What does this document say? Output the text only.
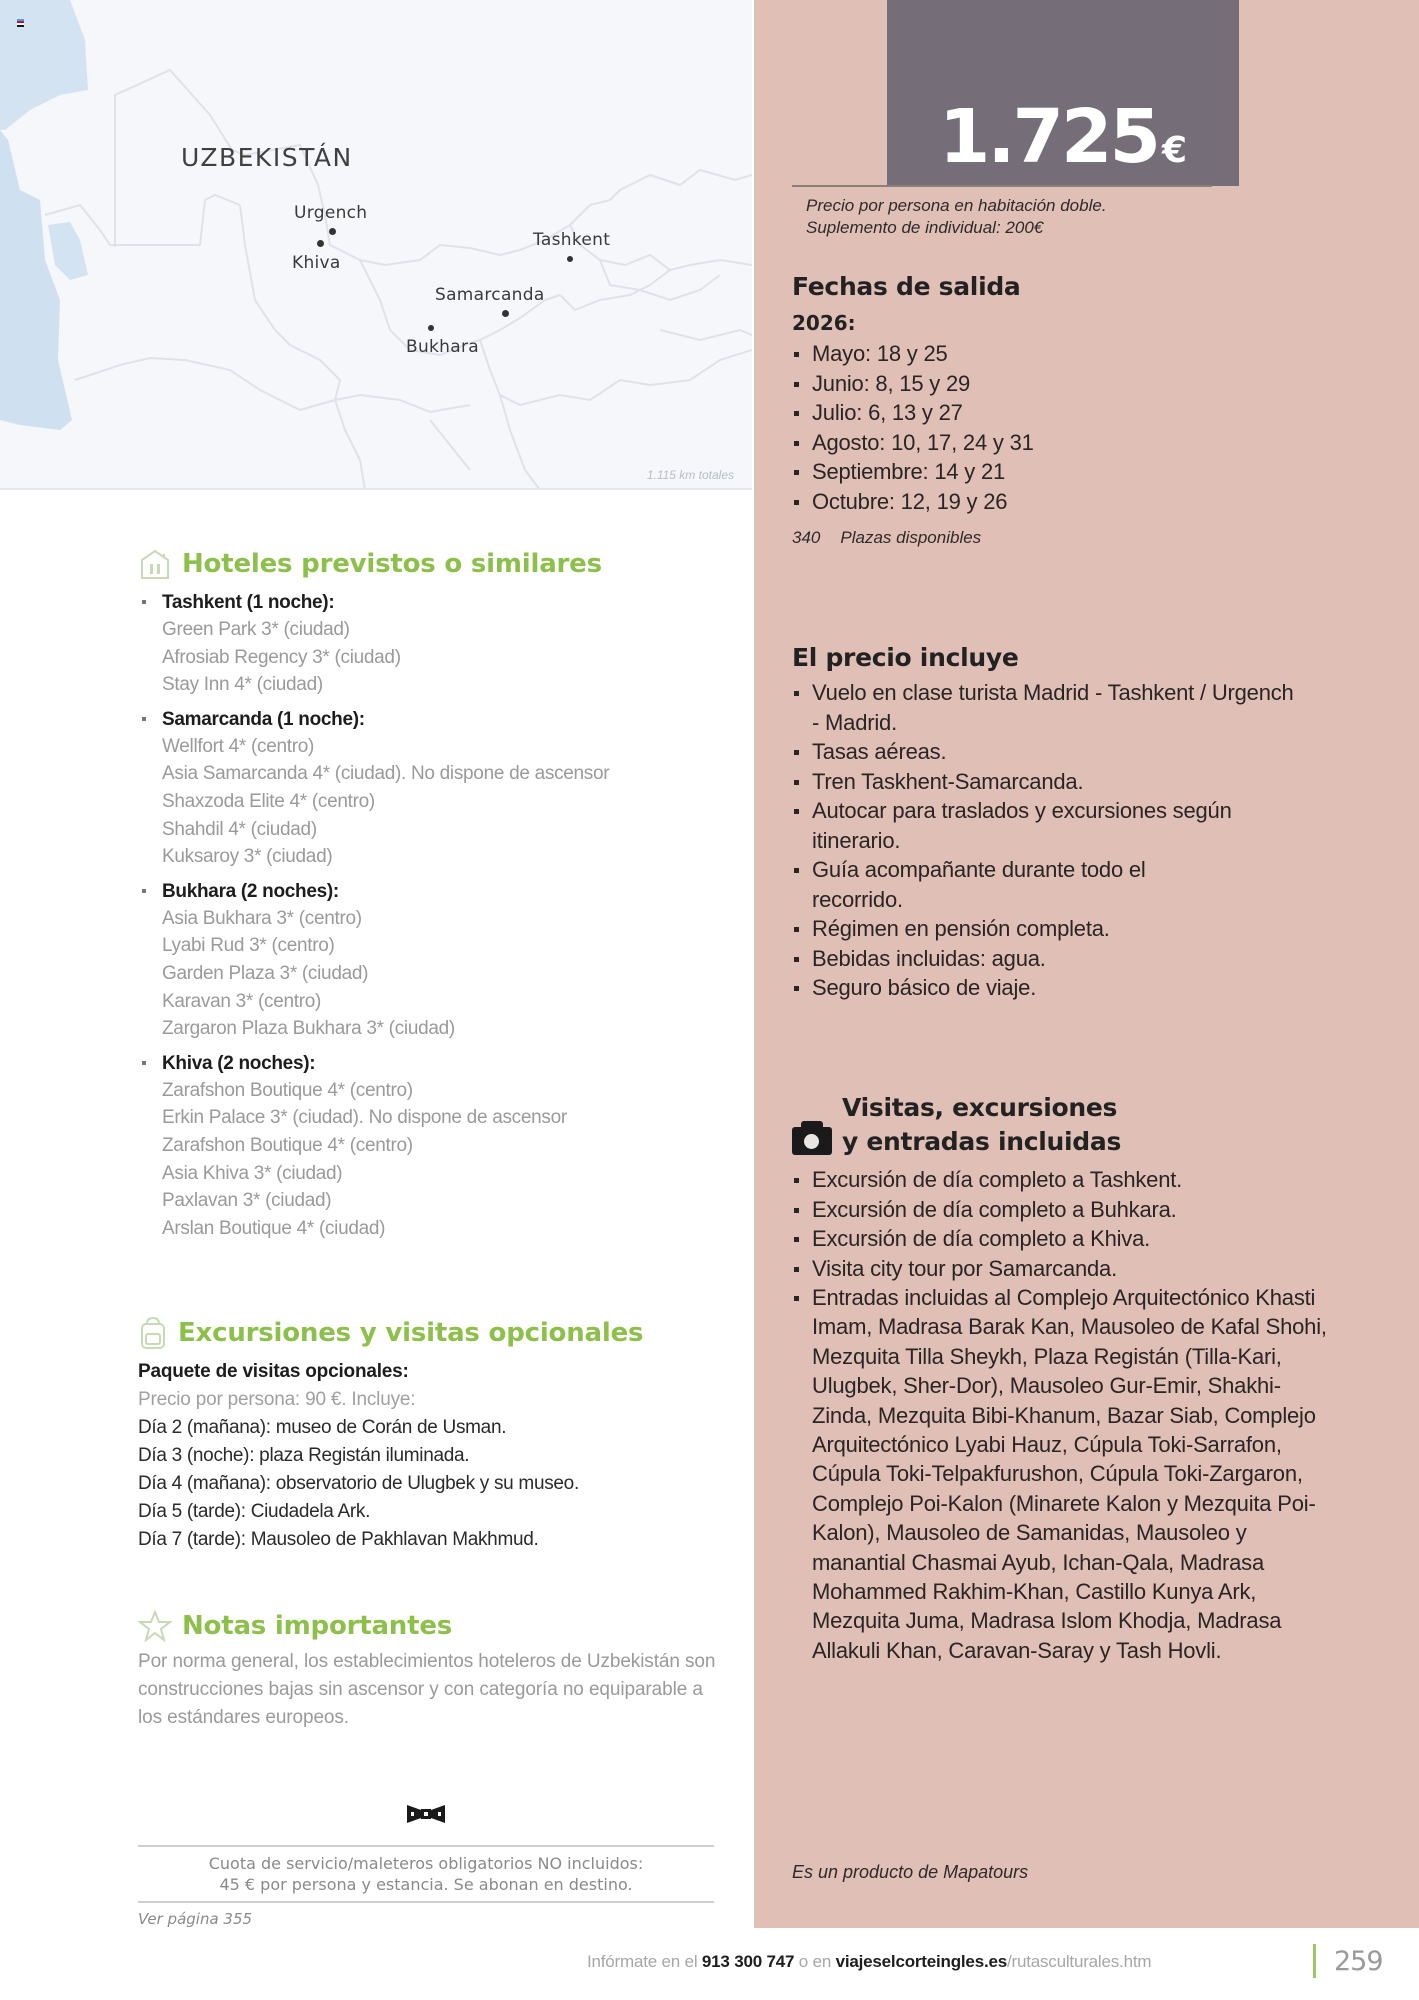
UZBEKISTÁN
Urgench
Khiva
Tashkent
Samarcanda
Bukhara
1.115 km totales
1.725 €
Precio por persona en habitación doble.
Suplemento de individual: 200€
Fechas de salida
2026:
Mayo: 18 y 25
Junio: 8, 15 y 29
Julio: 6, 13 y 27
Agosto: 10, 17, 24 y 31
Septiembre: 14 y 21
Octubre: 12, 19 y 26
340 Plazas disponibles
El precio incluye
Vuelo en clase turista Madrid - Tashkent / Urgench - Madrid.
Tasas aéreas.
Tren Taskhent-Samarcanda.
Autocar para traslados y excursiones según itinerario.
Guía acompañante durante todo el recorrido.
Régimen en pensión completa.
Bebidas incluidas: agua.
Seguro básico de viaje.
Visitas, excursiones
y entradas incluidas
Excursión de día completo a Tashkent.
Excursión de día completo a Buhkara.
Excursión de día completo a Khiva.
Visita city tour por Samarcanda.
Entradas incluidas al Complejo Arquitectónico Khasti Imam, Madrasa Barak Kan, Mausoleo de Kafal Shohi, Mezquita Tilla Sheykh, Plaza Registán (Tilla-Kari, Ulugbek, Sher-Dor), Mausoleo Gur-Emir, Shakhi-Zinda, Mezquita Bibi-Khanum, Bazar Siab, Complejo Arquitectónico Lyabi Hauz, Cúpula Toki-Sarrafon, Cúpula Toki-Telpakfurushon, Cúpula Toki-Zargaron, Complejo Poi-Kalon (Minarete Kalon y Mezquita Poi-Kalon), Mausoleo de Samanidas, Mausoleo y manantial Chasmai Ayub, Ichan-Qala, Madrasa Mohammed Rakhim-Khan, Castillo Kunya Ark, Mezquita Juma, Madrasa Islom Khodja, Madrasa Allakuli Khan, Caravan-Saray y Tash Hovli.
Es un producto de Mapatours
Hoteles previstos o similares
Tashkent (1 noche):
Green Park 3* (ciudad)
Afrosiab Regency 3* (ciudad)
Stay Inn 4* (ciudad)
Samarcanda (1 noche):
Wellfort 4* (centro)
Asia Samarcanda 4* (ciudad). No dispone de ascensor
Shaxzoda Elite 4* (centro)
Shahdil 4* (ciudad)
Kuksaroy 3* (ciudad)
Bukhara (2 noches):
Asia Bukhara 3* (centro)
Lyabi Rud 3* (centro)
Garden Plaza 3* (ciudad)
Karavan 3* (centro)
Zargaron Plaza Bukhara 3* (ciudad)
Khiva (2 noches):
Zarafshon Boutique 4* (centro)
Erkin Palace 3* (ciudad). No dispone de ascensor
Zarafshon Boutique 4* (centro)
Asia Khiva 3* (ciudad)
Paxlavan 3* (ciudad)
Arslan Boutique 4* (ciudad)
Excursiones y visitas opcionales
Paquete de visitas opcionales:
Precio por persona: 90 €. Incluye:
Día 2 (mañana): museo de Corán de Usman.
Día 3 (noche): plaza Registán iluminada.
Día 4 (mañana): observatorio de Ulugbek y su museo.
Día 5 (tarde): Ciudadela Ark.
Día 7 (tarde): Mausoleo de Pakhlavan Makhmud.
Notas importantes
Por norma general, los establecimientos hoteleros de Uzbekistán son construcciones bajas sin ascensor y con categoría no equiparable a los estándares europeos.
Cuota de servicio/maleteros obligatorios NO incluidos:
45 € por persona y estancia. Se abonan en destino.
Ver página 355
Infórmate en el 913 300 747 o en viajeselcorteingles.es/rutasculturales.htm	259
